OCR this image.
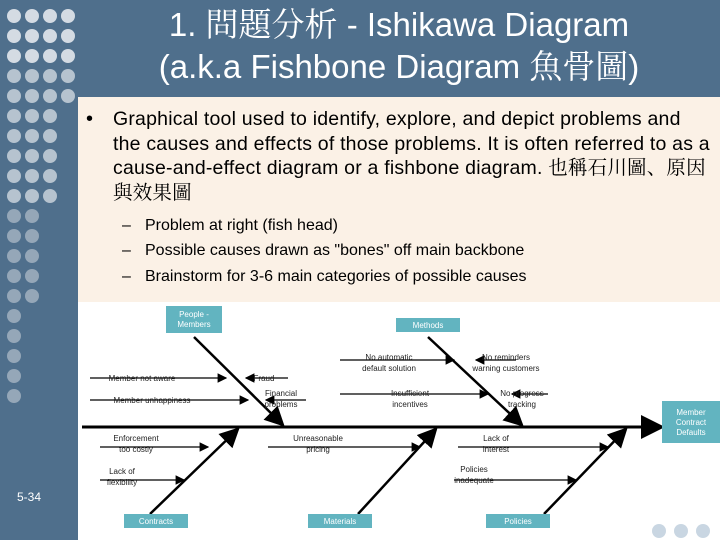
1. 問題分析 - Ishikawa Diagram
(a.k.a Fishbone Diagram 魚骨圖)
• Graphical tool used to identify, explore, and depict problems and the causes and effects of those problems. It is often referred to as a cause-and-effect diagram or a fishbone diagram. 也稱石川圖、原因與效果圖
– Problem at right (fish head)
– Possible causes drawn as "bones" off main backbone
– Brainstorm for 3-6 main categories of possible causes
5-34
Member Contract Defaults
People -Members	Methods
Contracts	Materials	Policies
Member not aware	Fraud
Member unhappiness
Financial problems
No automatic default solution
No reminders warning customers
Insufficient incentives
No progress tracking
Enforcement too costly
Unreasonable pricing
Lack of interest
Lack of flexibility
Policies inadequate
